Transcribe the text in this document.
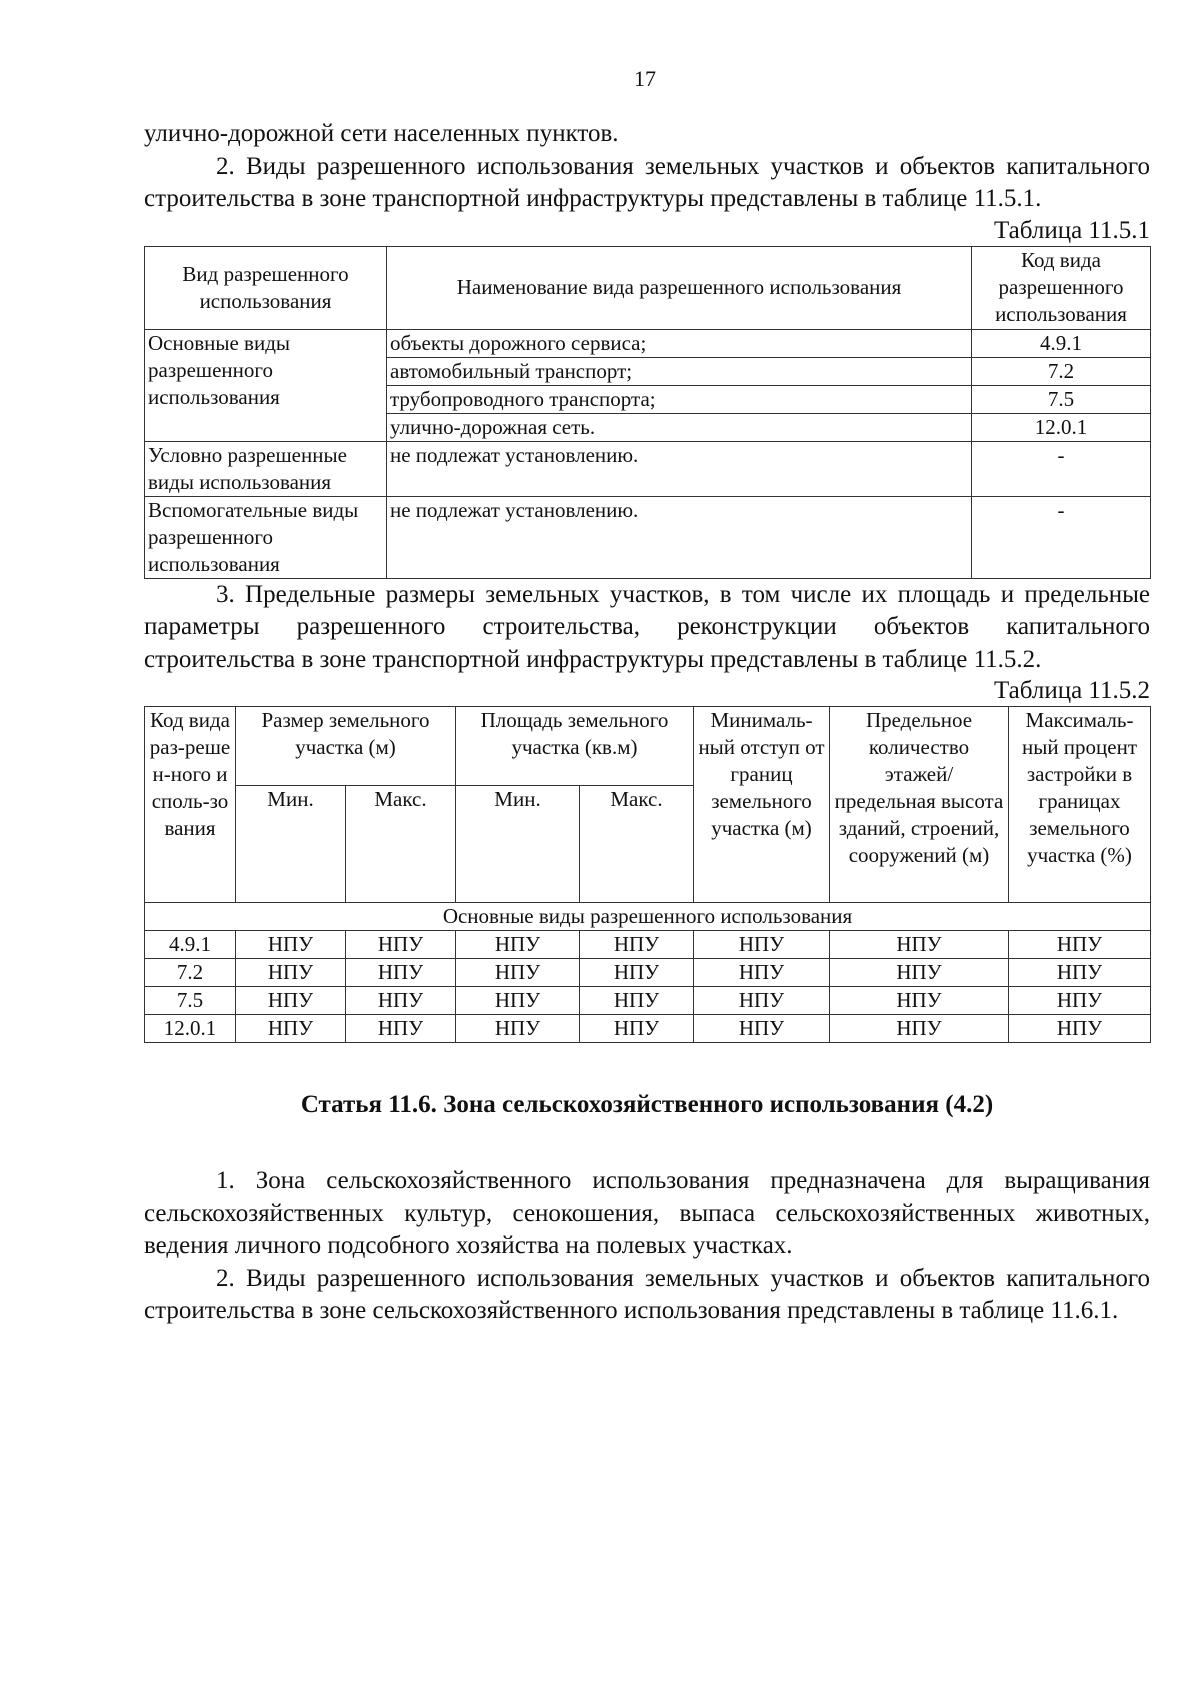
17

улично-дорожной сети населенных пунктов.

2. Виды разрешенного использования земельных участков и объектов капитального строительства в зоне транспортной инфраструктуры представлены в таблице 11.5.1.

Таблица 11.5.1

Вид разрешенного использования	Наименование вида разрешенного использования	Код вида разрешенного использования
Основные виды разрешенного использования	объекты дорожного сервиса;	4.9.1
	автомобильный транспорт;	7.2
	трубопроводного транспорта;	7.5
	улично-дорожная сеть.	12.0.1
Условно разрешенные виды использования	не подлежат установлению.	-
Вспомогательные виды разрешенного использования	не подлежат установлению.	-

3. Предельные размеры земельных участков, в том числе их площадь и предельные параметры разрешенного строительства, реконструкции объектов капитального строительства в зоне транспортной инфраструктуры представлены в таблице 11.5.2.

Таблица 11.5.2

Код вида раз-решен-ного исполь-зования	Размер земельного участка (м)		Площадь земельного участка (кв.м)		Минималь-ный отступ от границ земельного участка (м)	Предельное количество этажей/ предельная высота зданий, строений, сооружений (м)	Максималь-ный процент застройки в границах земельного участка (%)
	Мин.	Макс.	Мин.	Макс.			
Основные виды разрешенного использования							
4.9.1	НПУ	НПУ	НПУ	НПУ	НПУ	НПУ	НПУ
7.2	НПУ	НПУ	НПУ	НПУ	НПУ	НПУ	НПУ
7.5	НПУ	НПУ	НПУ	НПУ	НПУ	НПУ	НПУ
12.0.1	НПУ	НПУ	НПУ	НПУ	НПУ	НПУ	НПУ
Статья 11.6. Зона сельскохозяйственного использования (4.2)

1. Зона сельскохозяйственного использования предназначена для выращивания сельскохозяйственных культур, сенокошения, выпаса сельскохозяйственных животных, ведения личного подсобного хозяйства на полевых участках.

2. Виды разрешенного использования земельных участков и объектов капитального строительства в зоне сельскохозяйственного использования представлены в таблице 11.6.1.
